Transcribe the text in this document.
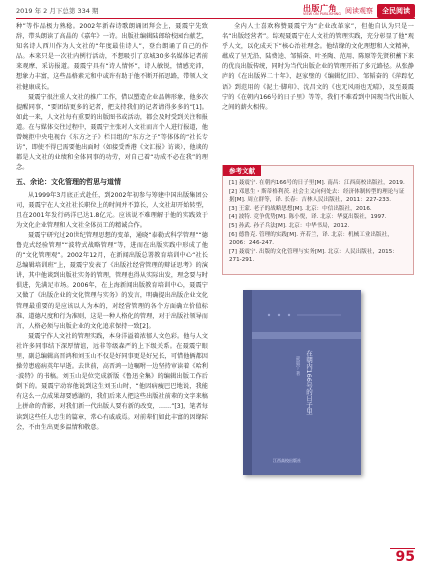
2019 年 2 月下总第 334 期	出版广角
VIEW ON PUBLISHING 阅读观察	全民阅读

种”等作品极力熟稔。2002年新春诗歌朗诵团拜会上，聂震宁先致辞，带头朗读了高晶的《嘉年》一诗。出版社编辑陆郎给校园台献艺，知名诗人西川作为人文社的“年度最佳诗人”，登台朗诵了自己的作品。本来只是一次社内例行活动，不想吸引了京城30多名媒体记者前来观摩、采访报道。聂震宁具有“诗人情怀”，诗人敏锐，情感充沛，想象力丰富，这些品格素元和中或许有助于他不断开拓思路，带领人文社健康成长。

聂震宁很注重人文社的推广工作，借以塑造企业品牌形象，他多次提醒同事，“要团结更多的记者，把支持我们的记者请得多多的”[1]。如此一来，人文社每有重要的出版图书或活动，都会及时受到关注和报道。在与媒体交往过程中，聂震宁主张对人文社而言个人进行报道，他曾婉拒中央电视台《东方之子》栏目组的“东方之子”等体体的“社长专访”，即使不得已需要他出面时（如接受香港《文汇报》访谈），他谈的都是人文社的业绩和全体同事的功劳，对自己着“功成不必在我”的理念。

五、余论：文化管理的哲思与道情

从1999年3月底正式赴任，到2002年初参与筹建中国出版集团公司，聂震宁在人文社社长职位上的时间并不算长，人文社却开始转型，且在2001年发行码洋已达1.8亿元。应该说不难理解于他的实践效于为文化企业管理和人文社全体员工的精诚合作。

聂震宁研究过20世纪管理思想的变革，通晓“泰勒式科学管理”“德鲁克式经验管理”“波特式战略管理”等，进而在出版实践中形成了他的“文化管理观”。2002年12月，在新闻出版总署教育培训中心“社长总编辑培训班”上，聂震宁发表了《出版社经营管理的辩证思考》的演讲，其中他谈到出版社实务的管理，管理也得从实际出发，理念要与时俱进，先满足市场。2006年，在上海新闻出版教育培训中心，聂震宁又做了《出版企业的文化管理与实务》的发言，明确提出出版企业文化管理最重要的是应该以人为本的，对经营管理的各个方面确立价值标准、道德尺度和行为准则，这是一种人格化的管理，对于出版社领导而言，人格必须与出版企业的文化追求保持一致[2]。

聂震宁作人文社的管理实践，本身洋溢着浓郁人文色彩。他与人文社许多同事结下深厚情谊，远非等级森严的上下级关系。在聂震宁眼里，副总编辑高晋鸿和刘玉山不仅是好同事更是好兄长，可惜他俩都因操劳患癌病英年早逝。去世前，高晋鸿一边嘱咐一边坚持审读着《哈利·波特》的书稿。刘玉山是位完成新版《鲁迅全集》的编辑出版工作后倒下的。聂震宁动容他说到这生刘玉山时，“他因病瘦巴巴地说，我能有这么一点成果却要感谢的，我们后来人把这些出版社前辈的文字来稿上拼命的背影，对我们新一代出版人要有新的改变，……”[3]，笔者每读到这些任人忠生的篇章，常心有戚戚焉。对前辈们如此丰富的因缘际会，不由生出更多温情和敬意。

全内人士喜欢称赞聂震宁为“企业改革家”，但他自认为只是一名“出版经营者”。综观聂震宁在人文社的管理实践，充分彰显了他“观乎人文，以化成天下”核心治社理念。他结缘的文化理想和人文精神，蕴成了呈无沿、陆费逵、邹韬奋、叶圣陶、范用、陈原等先贤积蓄下来的优良出版传统，同时为当代出版企业的管理开拓了多元路径。从张静庐的《在出版界二十年》、赵家璧的《编辑忆旧》、邹韬奋的《萍踪忆语》到范用的《泥土·脚印》、沈昌文的《也无风雨也无晴》，及至聂震宁的《在朝内166号的日子里》等等，我们不难看到中国现当代出版人之间的薪火相传。

参考文献
[1] 聂震宁. 在朝内166号的日子里[M]. 南昌：江西高校出版社，2019.
[2] 邓恩生・斯蒂格利茨. 社会主义向何处去：经济体制转型的理论与证据[M]. 周立群等，译. 长春：吉林人民出版社，2011：227-233.
[3] 王蒙. 老子的战略思想[M]. 北京：中信出版社，2016.
[4] 波特. 竞争优势[M]. 陈小悦，译. 北京：华夏出版社，1997.
[5] 孙武. 孙子兵法[M]. 北京：中华书局，2012.
[6] 德鲁克. 管理的实践[M]. 齐若兰，译. 北京：机械工业出版社，2006：246-247.
[7] 聂震宁. 出版的文化管理与实务[M]. 北京：人民出版社，2015：271-291.
在朝内166号的日子里
聂震宁 著
江西高校出版社
95
